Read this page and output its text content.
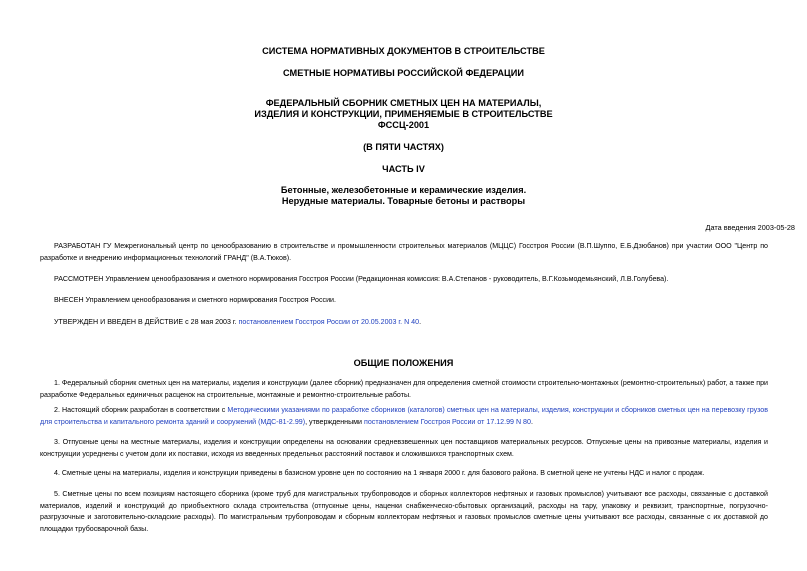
СИСТЕМА НОРМАТИВНЫХ ДОКУМЕНТОВ В СТРОИТЕЛЬСТВЕ
СМЕТНЫЕ НОРМАТИВЫ РОССИЙСКОЙ ФЕДЕРАЦИИ
ФЕДЕРАЛЬНЫЙ СБОРНИК СМЕТНЫХ ЦЕН НА МАТЕРИАЛЫ,
ИЗДЕЛИЯ И КОНСТРУКЦИИ, ПРИМЕНЯЕМЫЕ В СТРОИТЕЛЬСТВЕ
ФССЦ-2001
(В ПЯТИ ЧАСТЯХ)
ЧАСТЬ IV
Бетонные, железобетонные и керамические изделия.
Нерудные материалы. Товарные бетоны и растворы
Дата введения 2003-05-28
РАЗРАБОТАН ГУ Межрегиональный центр по ценообразованию в строительстве и промышленности строительных материалов (МЦЦС) Госстроя России (В.П.Шуппо, Е.Б.Дзюбанов) при участии ООО "Центр по разработке и внедрению информационных технологий ГРАНД" (В.А.Тюков).
РАССМОТРЕН Управлением ценообразования и сметного нормирования Госстроя России (Редакционная комиссия: В.А.Степанов - руководитель, В.Г.Козьмодемьянский, Л.В.Голубева).
ВНЕСЕН Управлением ценообразования и сметного нормирования Госстроя России.
УТВЕРЖДЕН И ВВЕДЕН В ДЕЙСТВИЕ с 28 мая 2003 г. постановлением Госстроя России от 20.05.2003 г. N 40.
ОБЩИЕ ПОЛОЖЕНИЯ
1. Федеральный сборник сметных цен на материалы, изделия и конструкции (далее сборник) предназначен для определения сметной стоимости строительно-монтажных (ремонтно-строительных) работ, а также при разработке Федеральных единичных расценок на строительные, монтажные и ремонтно-строительные работы.
2. Настоящий сборник разработан в соответствии с Методическими указаниями по разработке сборников (каталогов) сметных цен на материалы, изделия, конструкции и сборников сметных цен на перевозку грузов для строительства и капитального ремонта зданий и сооружений (МДС-81-2.99), утвержденными постановлением Госстроя России от 17.12.99 N 80.
3. Отпускные цены на местные материалы, изделия и конструкции определены на основании средневзвешенных цен поставщиков материальных ресурсов. Отпускные цены на привозные материалы, изделия и конструкции усреднены с учетом доли их поставки, исходя из введенных предельных расстояний поставок и сложившихся транспортных схем.
4. Сметные цены на материалы, изделия и конструкции приведены в базисном уровне цен по состоянию на 1 января 2000 г. для базового района. В сметной цене не учтены НДС и налог с продаж.
5. Сметные цены по всем позициям настоящего сборника (кроме труб для магистральных трубопроводов и сборных коллекторов нефтяных и газовых промыслов) учитывают все расходы, связанные с доставкой материалов, изделий и конструкций до приобъектного склада строительства (отпускные цены, наценки снабженческо-сбытовых организаций, расходы на тару, упаковку и реквизит, транспортные, погрузочно-разгрузочные и заготовительно-складские расходы). По магистральным трубопроводам и сборным коллекторам нефтяных и газовых промыслов сметные цены учитывают все расходы, связанные с их доставкой до площадки трубосварочной базы.
